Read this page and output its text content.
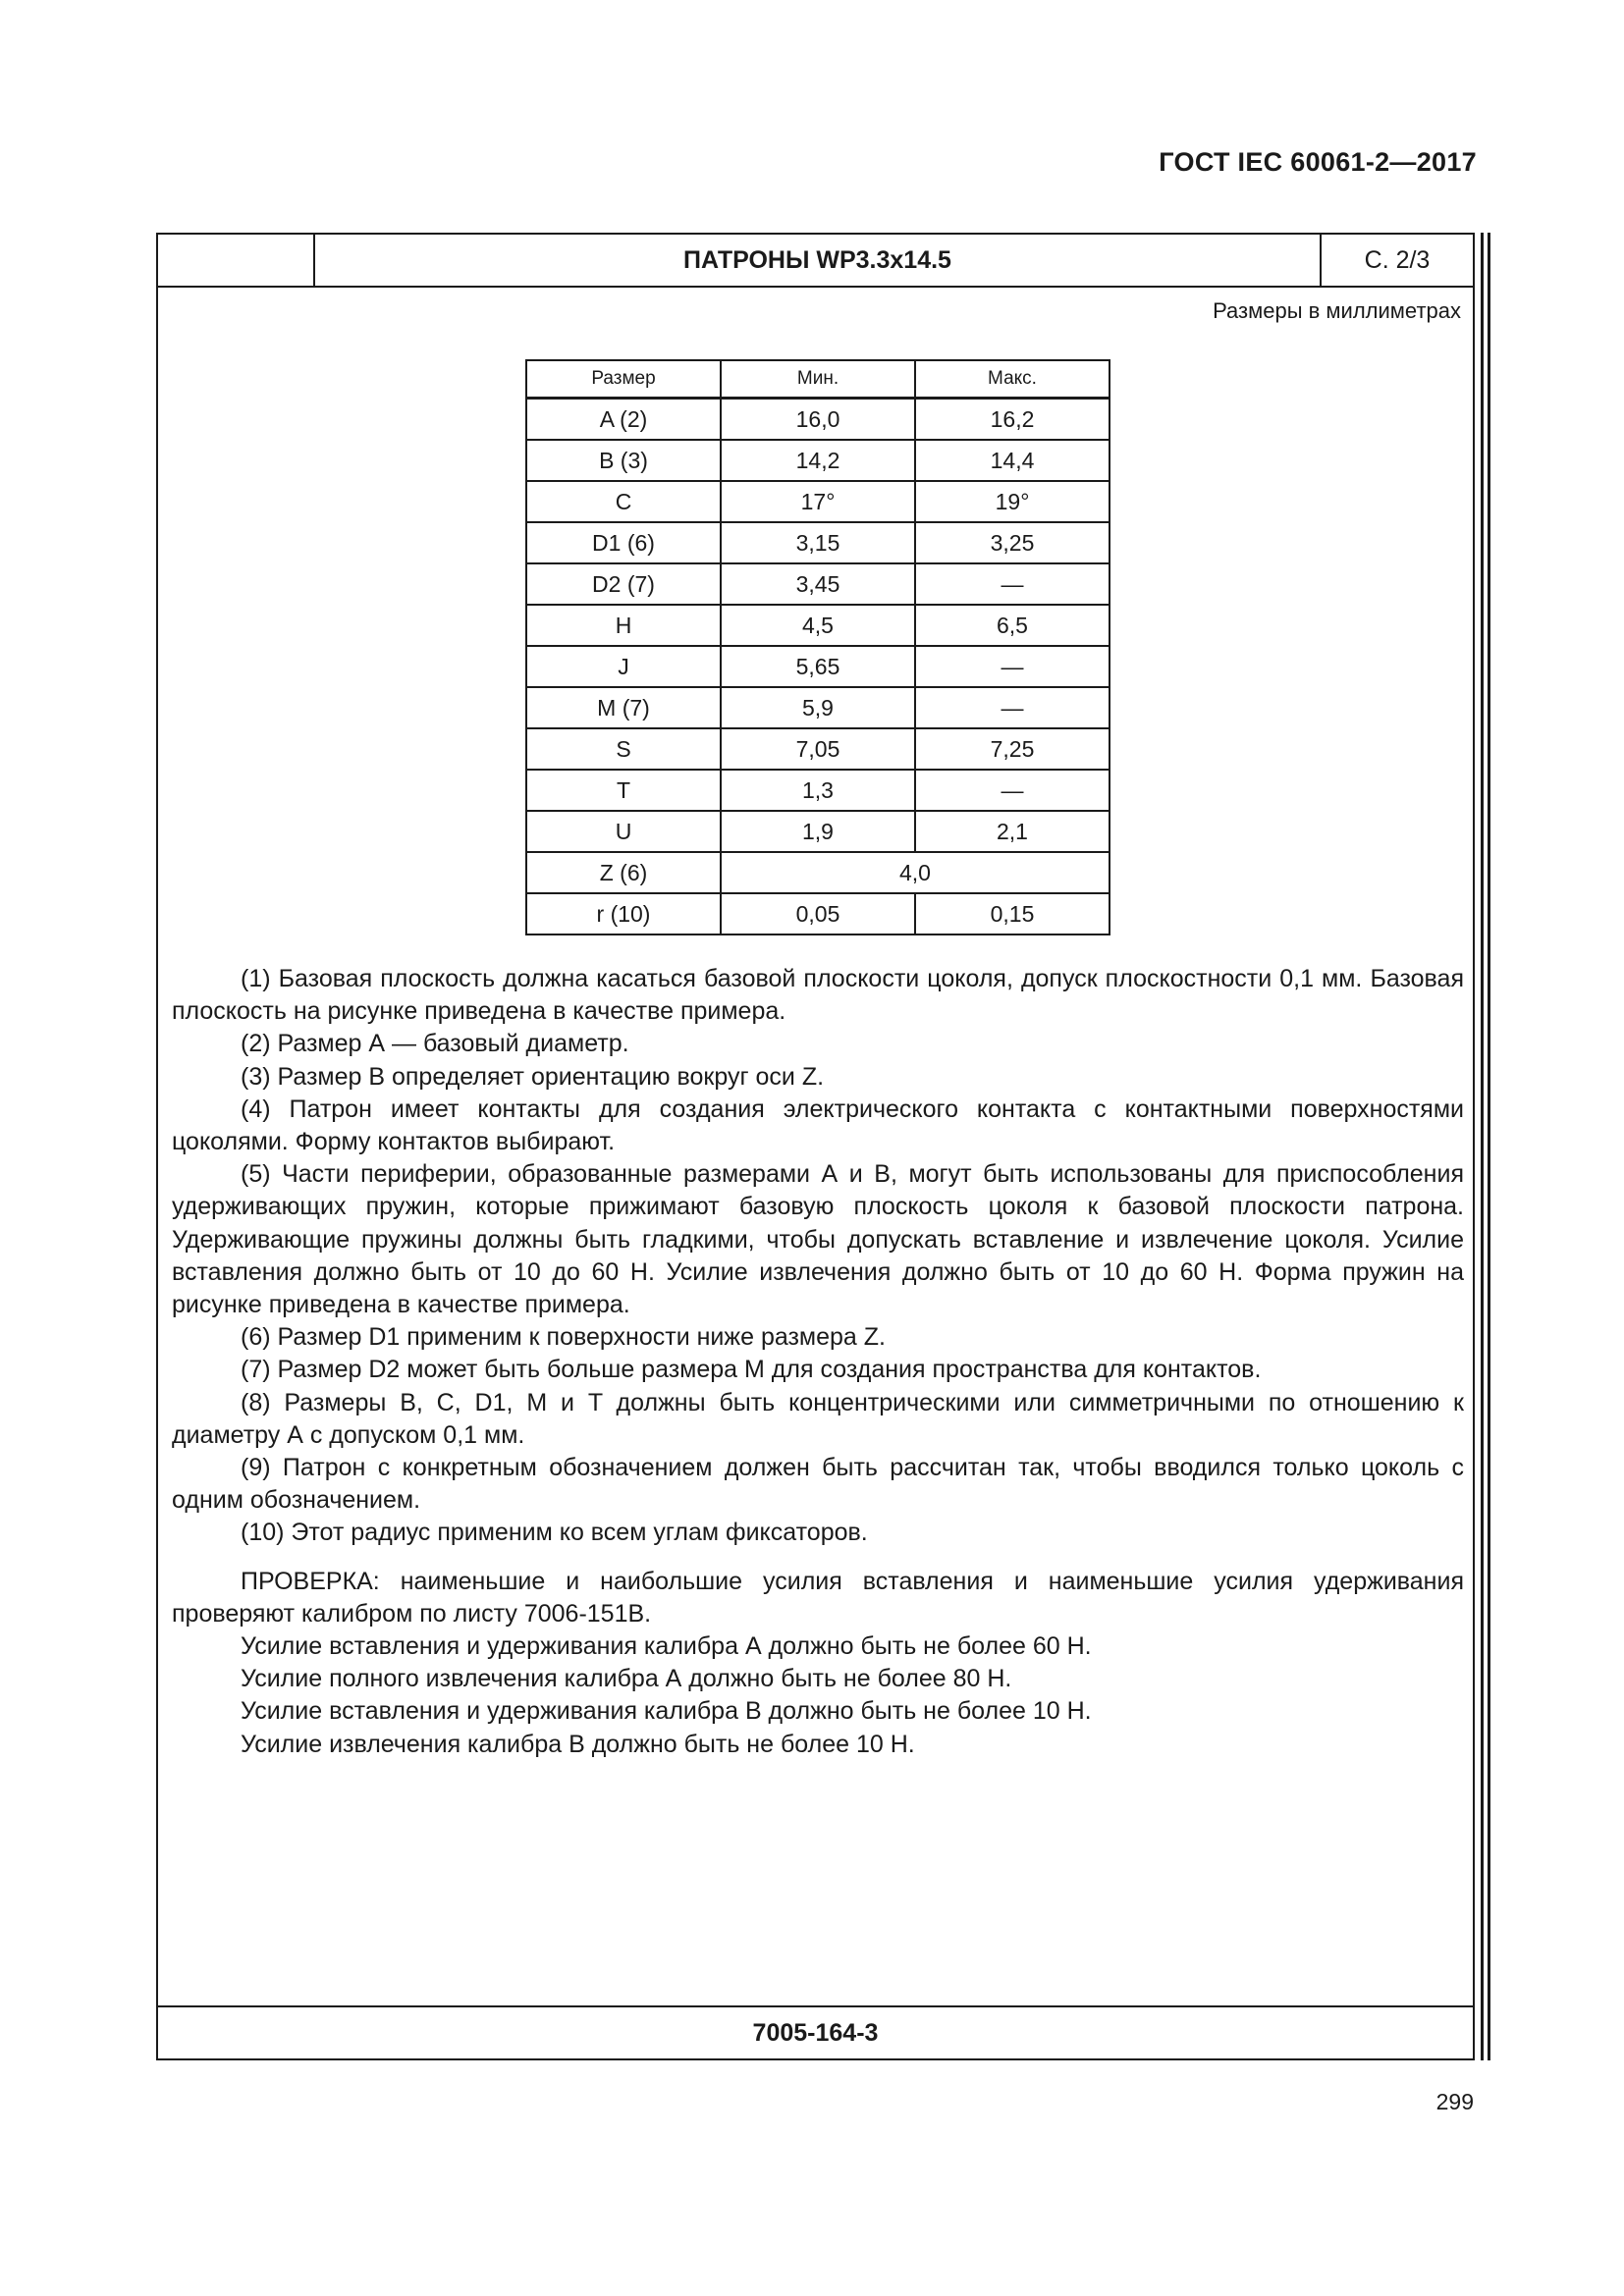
ГОСТ IEC 60061-2—2017
ПАТРОНЫ WP3.3x14.5	С. 2/3
Размеры в миллиметрах
Размер	Мин.	Макс.
A (2)	16,0	16,2
B (3)	14,2	14,4
C	17°	19°
D1 (6)	3,15	3,25
D2 (7)	3,45	—
H	4,5	6,5
J	5,65	—
M (7)	5,9	—
S	7,05	7,25
T	1,3	—
U	1,9	2,1
Z (6)	4,0	
r (10)	0,05	0,15

(1) Базовая плоскость должна касаться базовой плоскости цоколя, допуск плоскостности 0,1 мм. Базовая плоскость на рисунке приведена в качестве примера.

(2) Размер А — базовый диаметр.

(3) Размер В определяет ориентацию вокруг оси Z.

(4) Патрон имеет контакты для создания электрического контакта с контактными поверхностями цоколями. Форму контактов выбирают.

(5) Части периферии, образованные размерами А и В, могут быть использованы для приспособления удерживающих пружин, которые прижимают базовую плоскость цоколя к базовой плоскости патрона. Удерживающие пружины должны быть гладкими, чтобы допускать вставление и извлечение цоколя. Усилие вставления должно быть от 10 до 60 Н. Усилие извлечения должно быть от 10 до 60 Н. Форма пружин на рисунке приведена в качестве примера.

(6) Размер D1 применим к поверхности ниже размера Z.

(7) Размер D2 может быть больше размера M для создания пространства для контактов.

(8) Размеры B, C, D1, M и T должны быть концентрическими или симметричными по отношению к диаметру А с допуском 0,1 мм.

(9) Патрон с конкретным обозначением должен быть рассчитан так, чтобы вводился только цоколь с одним обозначением.

(10) Этот радиус применим ко всем углам фиксаторов.

ПРОВЕРКА: наименьшие и наибольшие усилия вставления и наименьшие усилия удерживания проверяют калибром по листу 7006-151В.

Усилие вставления и удерживания калибра А должно быть не более 60 Н.

Усилие полного извлечения калибра А должно быть не более 80 Н.

Усилие вставления и удерживания калибра В должно быть не более 10 Н.

Усилие извлечения калибра В должно быть не более 10 Н.

7005-164-3
299
